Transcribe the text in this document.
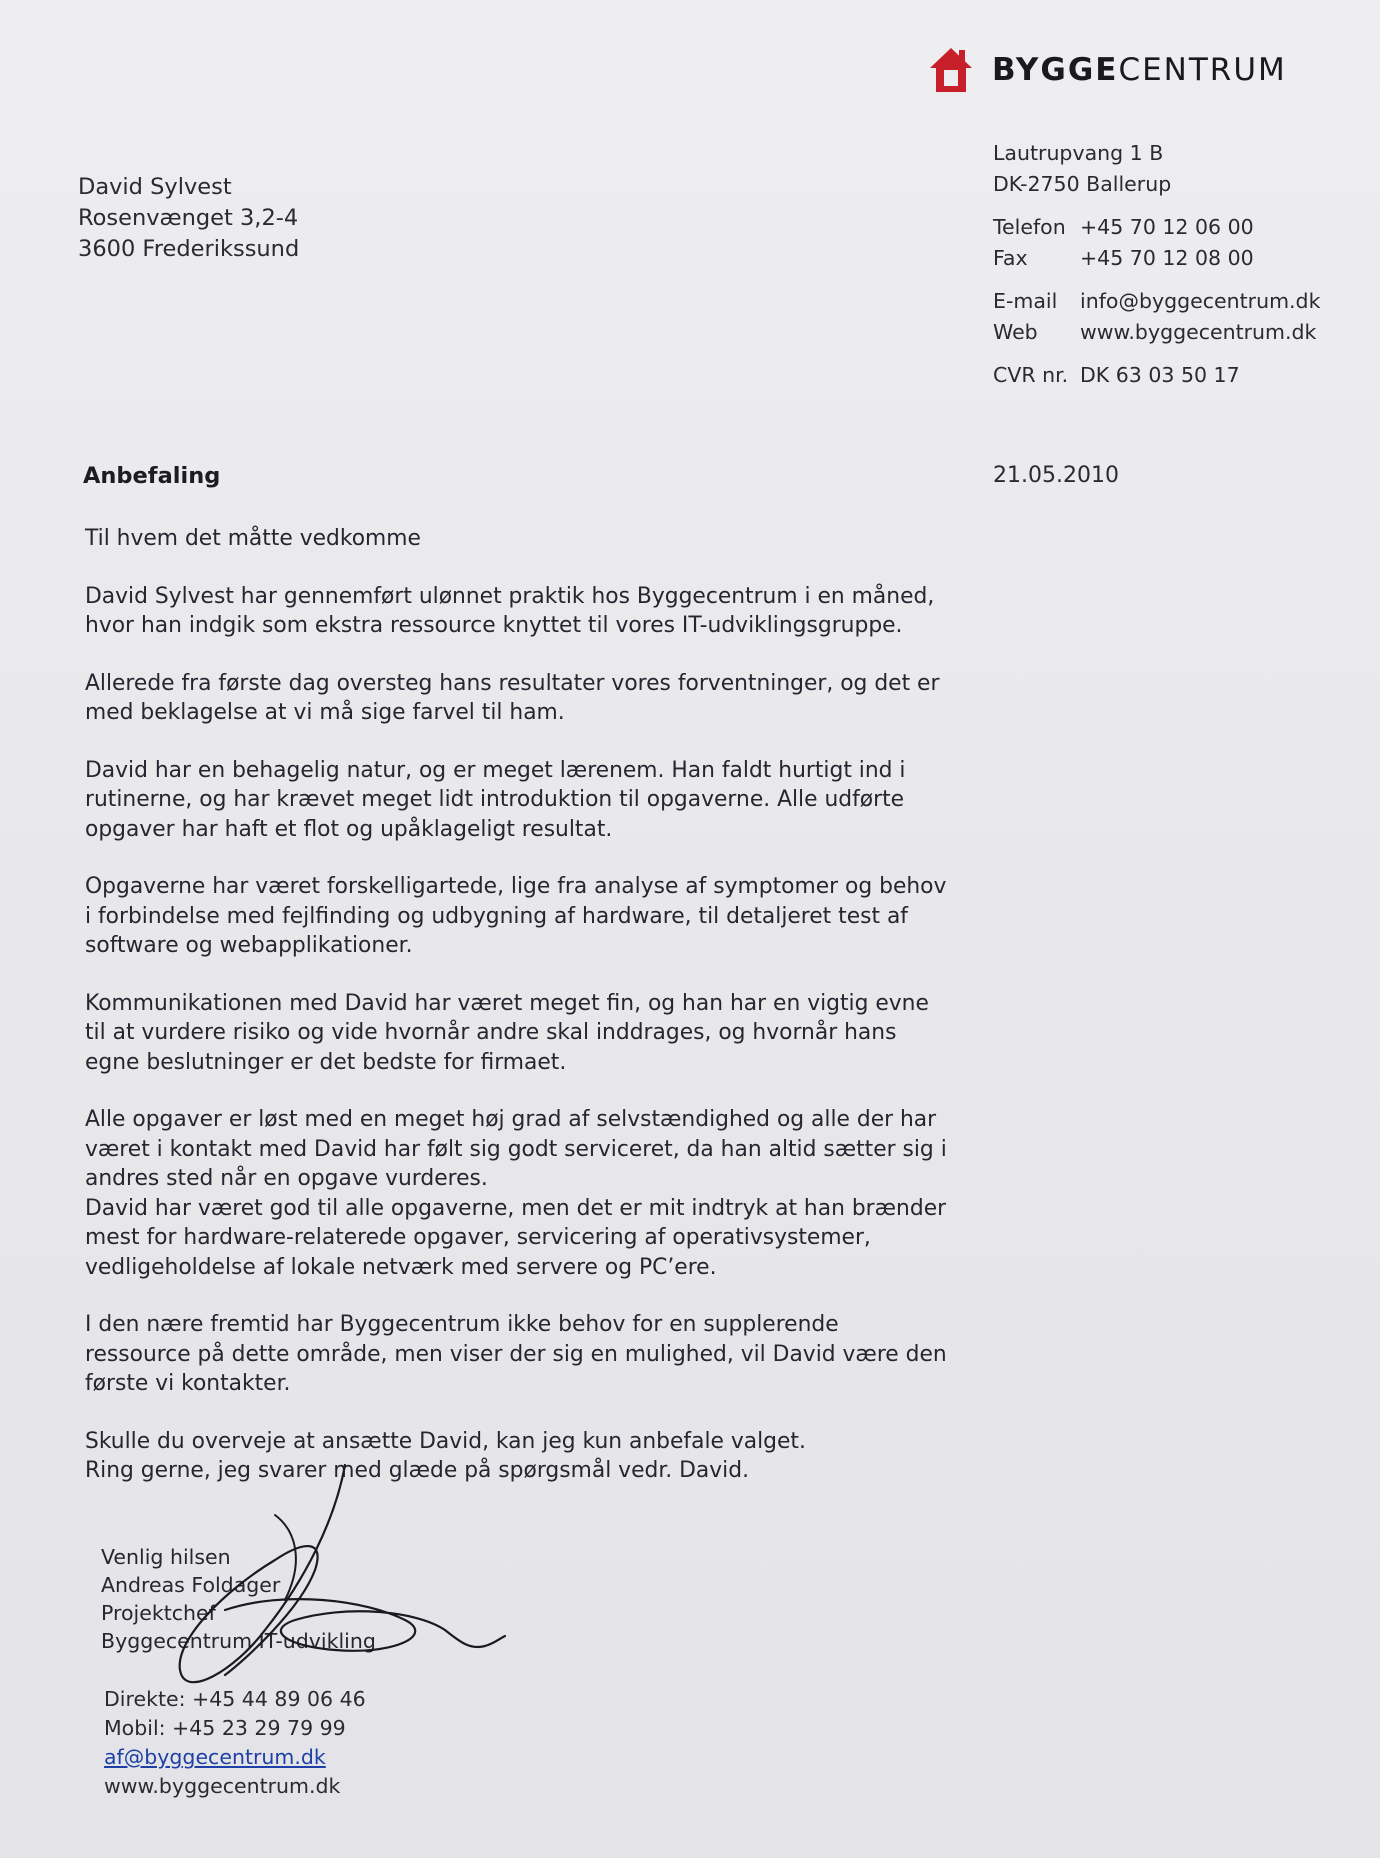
BYGGECENTRUM
David Sylvest
Rosenvænget 3,2-4
3600 Frederikssund
Lautrupvang 1 B
DK-2750 Ballerup
Telefon +45 70 12 06 00
Fax	+45 70 12 08 00
E-mail	info@byggecentrum.dk
Web	www.byggecentrum.dk
CVR nr. DK 63 03 50 17
Anbefaling	21.05.2010

Til hvem det måtte vedkomme

David Sylvest har gennemført ulønnet praktik hos Byggecentrum i en måned,
hvor han indgik som ekstra ressource knyttet til vores IT-udviklingsgruppe.

Allerede fra første dag oversteg hans resultater vores forventninger, og det er
med beklagelse at vi må sige farvel til ham.

David har en behagelig natur, og er meget lærenem. Han faldt hurtigt ind i
rutinerne, og har krævet meget lidt introduktion til opgaverne. Alle udførte
opgaver har haft et flot og upåklageligt resultat.

Opgaverne har været forskelligartede, lige fra analyse af symptomer og behov
i forbindelse med fejlfinding og udbygning af hardware, til detaljeret test af
software og webapplikationer.

Kommunikationen med David har været meget fin, og han har en vigtig evne
til at vurdere risiko og vide hvornår andre skal inddrages, og hvornår hans
egne beslutninger er det bedste for firmaet.

Alle opgaver er løst med en meget høj grad af selvstændighed og alle der har
været i kontakt med David har følt sig godt serviceret, da han altid sætter sig i
andres sted når en opgave vurderes.

David har været god til alle opgaverne, men det er mit indtryk at han brænder
mest for hardware-relaterede opgaver, servicering af operativsystemer,
vedligeholdelse af lokale netværk med servere og PC’ere.

I den nære fremtid har Byggecentrum ikke behov for en supplerende
ressource på dette område, men viser der sig en mulighed, vil David være den
første vi kontakter.

Skulle du overveje at ansætte David, kan jeg kun anbefale valget.
Ring gerne, jeg svarer med glæde på spørgsmål vedr. David.

Venlig hilsen
Andreas Foldager
Projektchef
Byggecentrum IT-udvikling
Direkte: +45 44 89 06 46
Mobil: +45 23 29 79 99
af@byggecentrum.dk
www.byggecentrum.dk
